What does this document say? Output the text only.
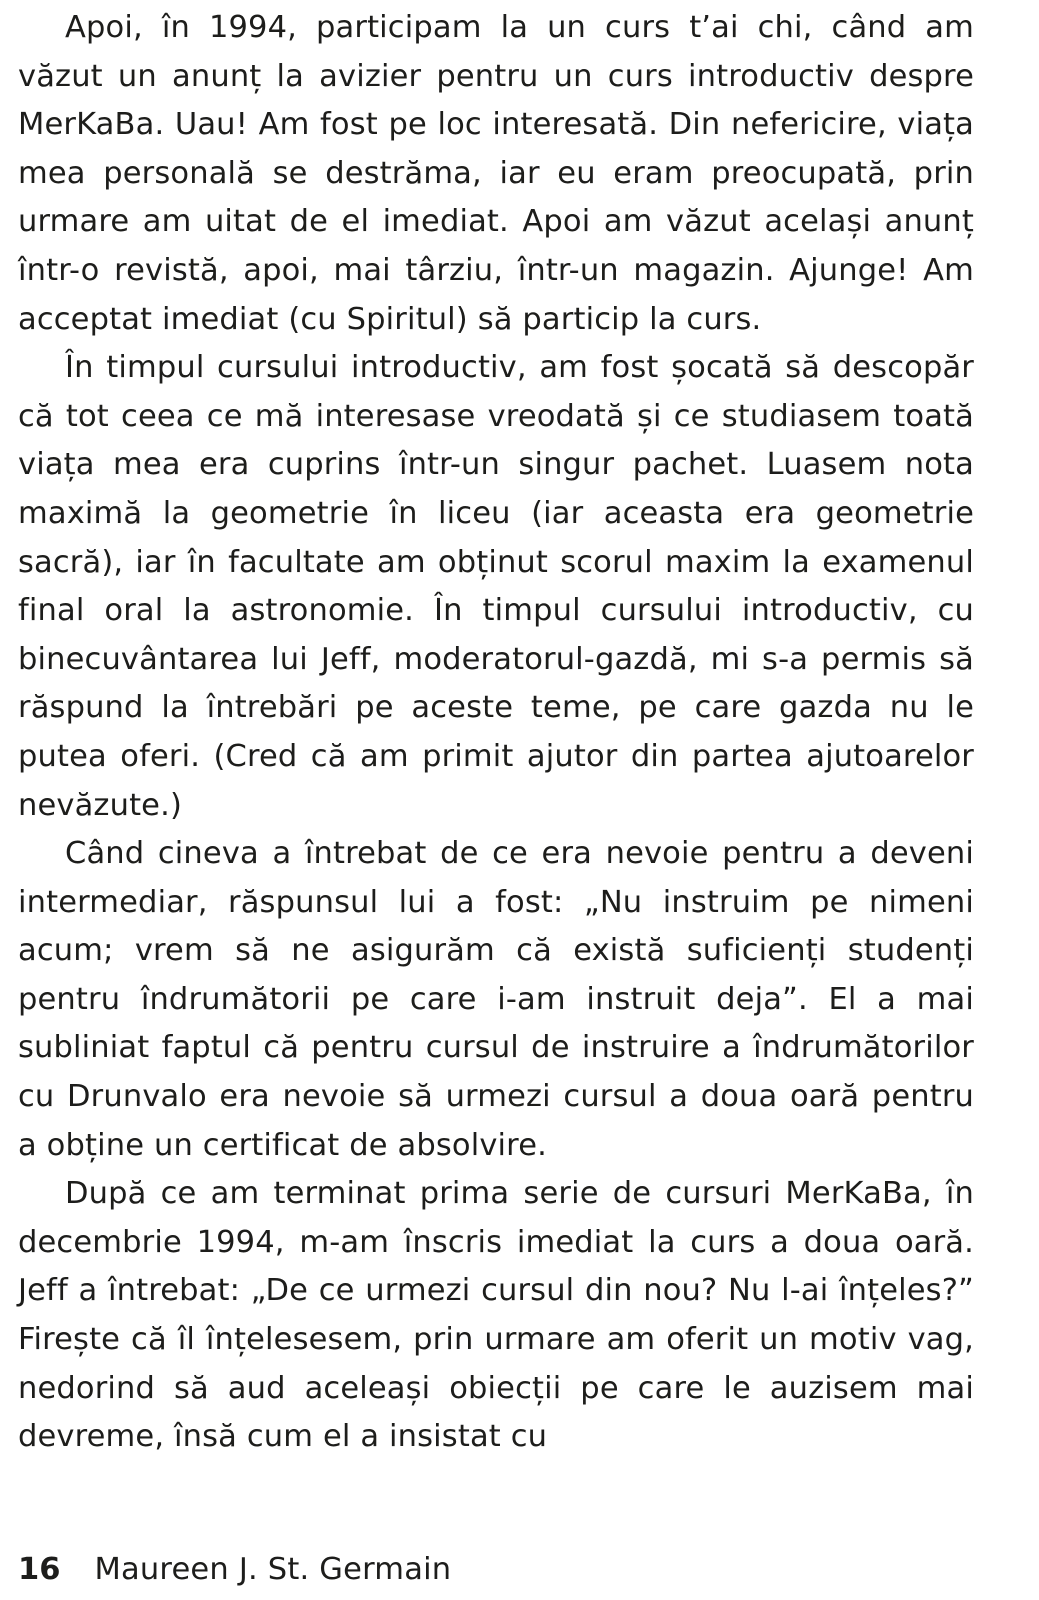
Apoi, în 1994, participam la un curs t’ai chi, când am văzut un anunț la avizier pentru un curs introductiv despre MerKaBa. Uau! Am fost pe loc interesată. Din nefericire, viața mea personală se destrăma, iar eu eram preocupată, prin urmare am uitat de el imediat. Apoi am văzut același anunț într-o revistă, apoi, mai târziu, într-un magazin. Ajunge! Am acceptat imediat (cu Spiritul) să particip la curs.

În timpul cursului introductiv, am fost șocată să descopăr că tot ceea ce mă interesase vreodată și ce studiasem toată viața mea era cuprins într-un singur pachet. Luasem nota maximă la geometrie în liceu (iar aceasta era geometrie sacră), iar în facultate am obținut scorul maxim la examenul final oral la astronomie. În timpul cursului introductiv, cu binecuvântarea lui Jeff, moderatorul-gazdă, mi s-a permis să răspund la întrebări pe aceste teme, pe care gazda nu le putea oferi. (Cred că am primit ajutor din partea ajutoarelor nevăzute.)

Când cineva a întrebat de ce era nevoie pentru a deveni intermediar, răspunsul lui a fost: „Nu instruim pe nimeni acum; vrem să ne asigurăm că există suficienți studenți pentru îndrumătorii pe care i-am instruit deja”. El a mai subliniat faptul că pentru cursul de instruire a îndrumătorilor cu Drunvalo era nevoie să urmezi cursul a doua oară pentru a obține un certificat de absolvire.

După ce am terminat prima serie de cursuri MerKaBa, în decembrie 1994, m-am înscris imediat la curs a doua oară. Jeff a întrebat: „De ce urmezi cursul din nou? Nu l-ai înțeles?” Firește că îl înțelesesem, prin urmare am oferit un motiv vag, nedorind să aud aceleași obiecții pe care le auzisem mai devreme, însă cum el a insistat cu

16 Maureen J. St. Germain
